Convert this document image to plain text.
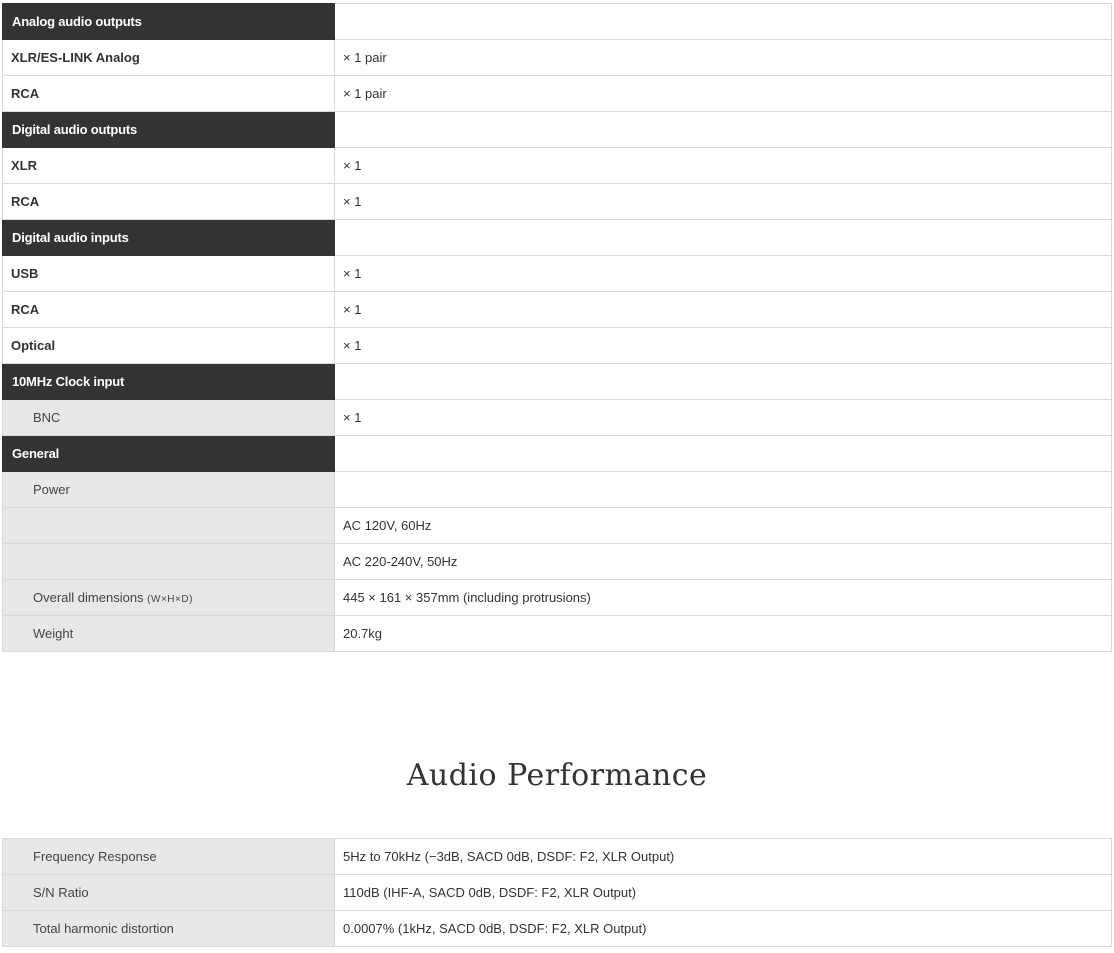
Analog audio outputs	
XLR/ES-LINK Analog	× 1 pair
RCA	× 1 pair
Digital audio outputs	
XLR	× 1
RCA	× 1
Digital audio inputs	
USB	× 1
RCA	× 1
Optical	× 1
10MHz Clock input	
BNC	× 1
General	
Power	
	AC 120V, 60Hz
	AC 220-240V, 50Hz
Overall dimensions (W×H×D)	445 × 161 × 357mm (including protrusions)
Weight	20.7kg
Audio Performance
Frequency Response	5Hz to 70kHz (−3dB, SACD 0dB, DSDF: F2, XLR Output)
S/N Ratio	110dB (IHF-A, SACD 0dB, DSDF: F2, XLR Output)
Total harmonic distortion	0.0007% (1kHz, SACD 0dB, DSDF: F2, XLR Output)
